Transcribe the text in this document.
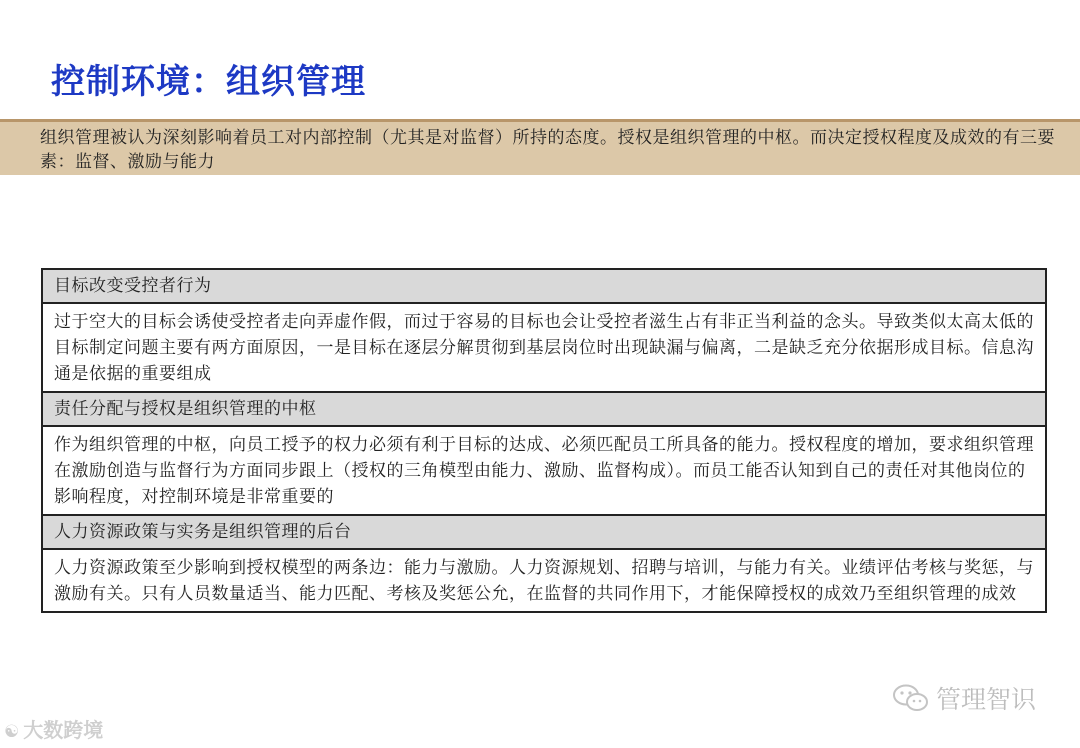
控制环境：组织管理
组织管理被认为深刻影响着员工对内部控制（尤其是对监督）所持的态度。授权是组织管理的中枢。而决定授权程度及成效的有三要素：监督、激励与能力
目标改变受控者行为
过于空大的目标会诱使受控者走向弄虚作假，而过于容易的目标也会让受控者滋生占有非正当利益的念头。导致类似太高太低的目标制定问题主要有两方面原因，一是目标在逐层分解贯彻到基层岗位时出现缺漏与偏离，二是缺乏充分依据形成目标。信息沟通是依据的重要组成
责任分配与授权是组织管理的中枢
作为组织管理的中枢，向员工授予的权力必须有利于目标的达成、必须匹配员工所具备的能力。授权程度的增加，要求组织管理在激励创造与监督行为方面同步跟上（授权的三角模型由能力、激励、监督构成）。而员工能否认知到自己的责任对其他岗位的影响程度，对控制环境是非常重要的
人力资源政策与实务是组织管理的后台
人力资源政策至少影响到授权模型的两条边：能力与激励。人力资源规划、招聘与培训，与能力有关。业绩评估考核与奖惩，与激励有关。只有人员数量适当、能力匹配、考核及奖惩公允，在监督的共同作用下，才能保障授权的成效乃至组织管理的成效
☯ 大数跨境
管理智识
